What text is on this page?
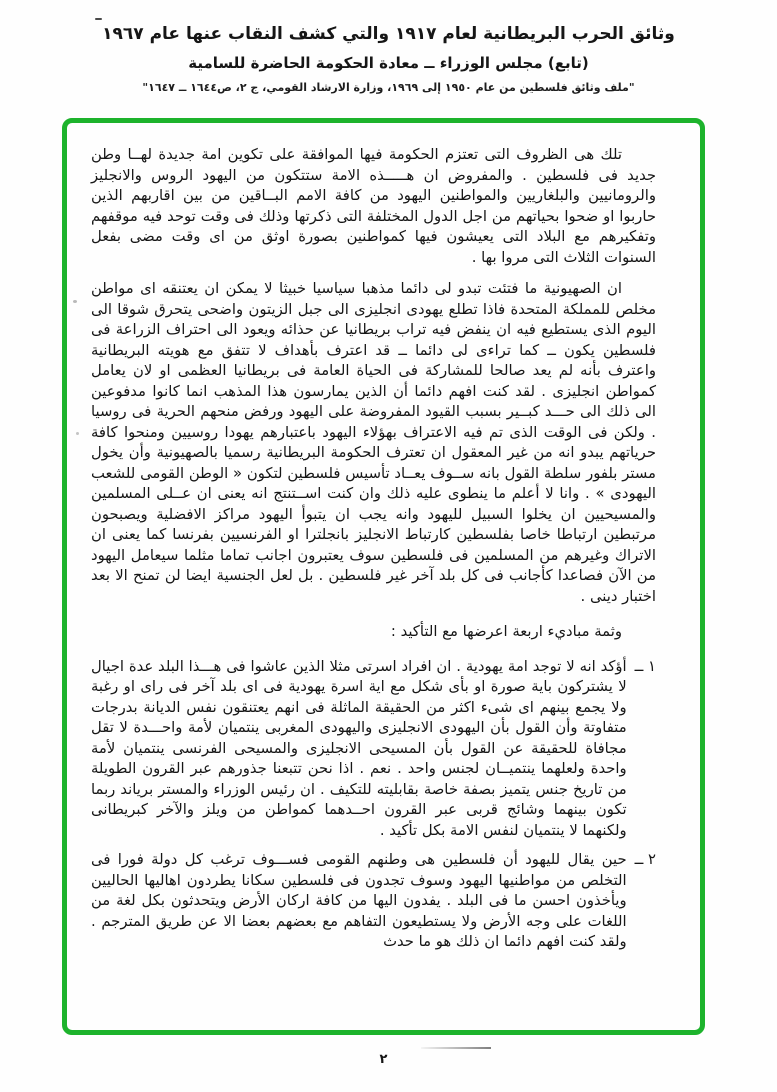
وثائق الحرب البريطانية لعام ١٩١٧ والتي كشف النقاب عنها عام ١٩٦٧
(تابع) مجلس الوزراء ــ معادة الحكومة الحاضرة للسامية
"ملف وثائق فلسطين من عام ١٩٥٠ إلى ١٩٦٩، وزارة الارشاد القومي، ج ٢، ص١٦٤٤ ــ ١٦٤٧"

تلك هى الظروف التى تعتزم الحكومة فيها الموافقة على تكوين امة جديدة لهــا وطن جديد فى فلسطين . والمفروض ان هـــــذه الامة ستتكون من اليهود الروس والانجليز والرومانيين والبلغاريين والمواطنين اليهود من كافة الامم البــاقين من بين اقاربهم الذين حاربوا او ضحوا بحياتهم من اجل الدول المختلفة التى ذكرتها وذلك فى وقت توحد فيه موقفهم وتفكيرهم مع البلاد التى يعيشون فيها كمواطنين بصورة اوثق من اى وقت مضى بفعل السنوات الثلاث التى مروا بها .

ان الصهيونية ما فتئت تبدو لى دائما مذهبا سياسيا خبيثا لا يمكن ان يعتنقه اى مواطن مخلص للمملكة المتحدة فاذا تطلع يهودى انجليزى الى جبل الزيتون واضحى يتحرق شوقا الى اليوم الذى يستطيع فيه ان ينفض فيه تراب بريطانيا عن حذائه ويعود الى احتراف الزراعة فى فلسطين يكون ــ كما تراءى لى دائما ــ قد اعترف بأهداف لا تتفق مع هويته البريطانية واعترف بأنه لم يعد صالحا للمشاركة فى الحياة العامة فى بريطانيا العظمى او لان يعامل كمواطن انجليزى . لقد كنت افهم دائما أن الذين يمارسون هذا المذهب انما كانوا مدفوعين الى ذلك الى حـــد كبــير بسبب القيود المفروضة على اليهود ورفض منحهم الحرية فى روسيا . ولكن فى الوقت الذى تم فيه الاعتراف بهؤلاء اليهود باعتبارهم يهودا روسيين ومنحوا كافة حرياتهم يبدو انه من غير المعقول ان تعترف الحكومة البريطانية رسميا بالصهيونية وأن يخول مستر بلفور سلطة القول بانه ســوف يعــاد تأسيس فلسطين لتكون « الوطن القومى للشعب اليهودى » . وانا لا أعلم ما ينطوى عليه ذلك وان كنت اســتنتج انه يعنى ان عــلى المسلمين والمسيحيين ان يخلوا السبيل لليهود وانه يجب ان يتبوأ اليهود مراكز الافضلية ويصبحون مرتبطين ارتباطا خاصا بفلسطين كارتباط الانجليز بانجلترا او الفرنسيين بفرنسا كما يعنى ان الاتراك وغيرهم من المسلمين فى فلسطين سوف يعتبرون اجانب تماما مثلما سيعامل اليهود من الآن فصاعدا كأجانب فى كل بلد آخر غير فلسطين . بل لعل الجنسية ايضا لن تمنح الا بعد اختبار دينى .

وثمة مباديء اربعة اعرضها مع التأكيد :

١ ــ
أؤكد انه لا توجد امة يهودية . ان افراد اسرتى مثلا الذين عاشوا فى هـــذا البلد عدة اجيال لا يشتركون باية صورة او بأى شكل مع اية اسرة يهودية فى اى بلد آخر فى راى او رغبة ولا يجمع بينهم اى شىء اكثر من الحقيقة الماثلة فى انهم يعتنقون نفس الديانة بدرجات متفاوتة وأن القول بأن اليهودى الانجليزى واليهودى المغربى ينتميان لأمة واحـــدة لا تقل مجافاة للحقيقة عن القول بأن المسيحى الانجليزى والمسيحى الفرنسى ينتميان لأمة واحدة ولعلهما ينتميــان لجنس واحد . نعم . اذا نحن تتبعنا جذورهم عبر القرون الطويلة من تاريخ جنس يتميز بصفة خاصة بقابليته للتكيف . ان رئيس الوزراء والمستر برياند ربما تكون بينهما وشائج قربى عبر القرون احــدهما كمواطن من ويلز والآخر كبريطانى ولكنهما لا ينتميان لنفس الامة بكل تأكيد .
٢ ــ
حين يقال لليهود أن فلسطين هى وطنهم القومى فســـوف ترغب كل دولة فورا فى التخلص من مواطنيها اليهود وسوف تجدون فى فلسطين سكانا يطردون اهاليها الحاليين ويأخذون احسن ما فى البلد . يفدون اليها من كافة اركان الأرض ويتحدثون بكل لغة من اللغات على وجه الأرض ولا يستطيعون التفاهم مع بعضهم بعضا الا عن طريق المترجم . ولقد كنت افهم دائما ان ذلك هو ما حدث
٢
